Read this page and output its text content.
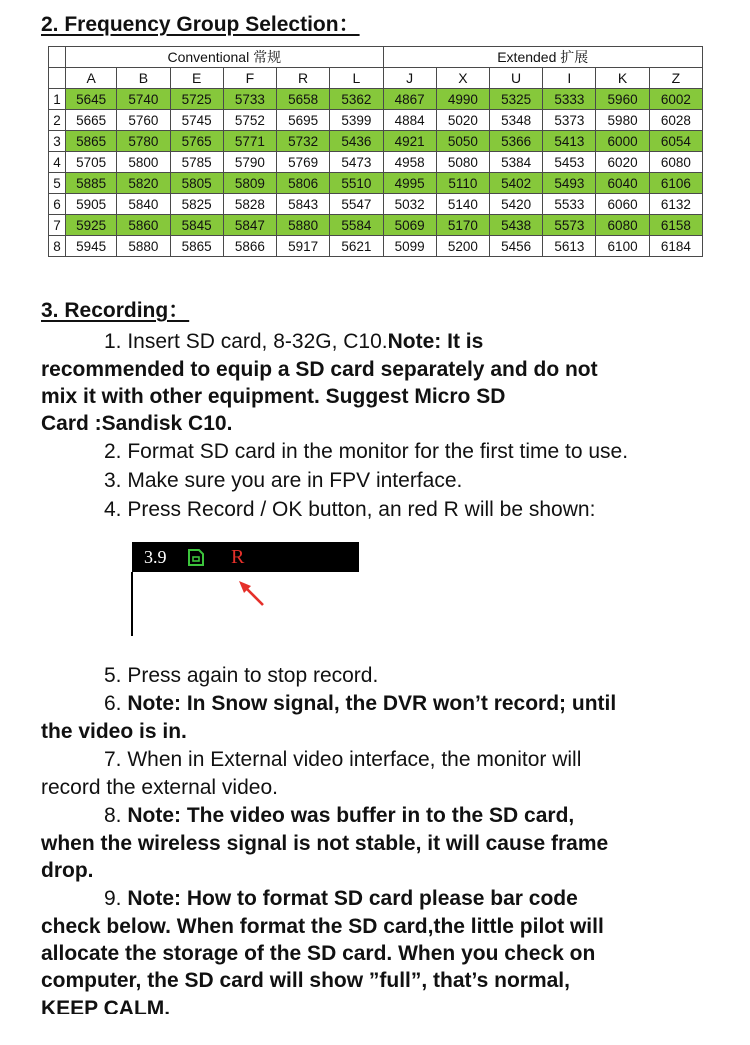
2. Frequency Group Selection：
	Conventional 常规						Extended 扩展					
	A	B	E	F	R	L	J	X	U	I	K	Z
1	5645	5740	5725	5733	5658	5362	4867	4990	5325	5333	5960	6002
2	5665	5760	5745	5752	5695	5399	4884	5020	5348	5373	5980	6028
3	5865	5780	5765	5771	5732	5436	4921	5050	5366	5413	6000	6054
4	5705	5800	5785	5790	5769	5473	4958	5080	5384	5453	6020	6080
5	5885	5820	5805	5809	5806	5510	4995	5110	5402	5493	6040	6106
6	5905	5840	5825	5828	5843	5547	5032	5140	5420	5533	6060	6132
7	5925	5860	5845	5847	5880	5584	5069	5170	5438	5573	6080	6158
8	5945	5880	5865	5866	5917	5621	5099	5200	5456	5613	6100	6184
3. Recording：
1. Insert SD card, 8-32G, C10.Note: It is
recommended to equip a SD card separately and do not
mix it with other equipment. Suggest Micro SD
Card :Sandisk C10.
2. Format SD card in the monitor for the first time to use.
3. Make sure you are in FPV interface.
4. Press Record / OK button, an red R will be shown:
3.9	R
5. Press again to stop record.
6. Note: In Snow signal, the DVR won’t record; until
the video is in.
7. When in External video interface, the monitor will
record the external video.
8. Note: The video was buffer in to the SD card,
when the wireless signal is not stable, it will cause frame
drop.
9. Note: How to format SD card please bar code
check below. When format the SD card,the little pilot will
allocate the storage of the SD card. When you check on
computer, the SD card will show ”full”, that’s normal,
KEEP CALM.
